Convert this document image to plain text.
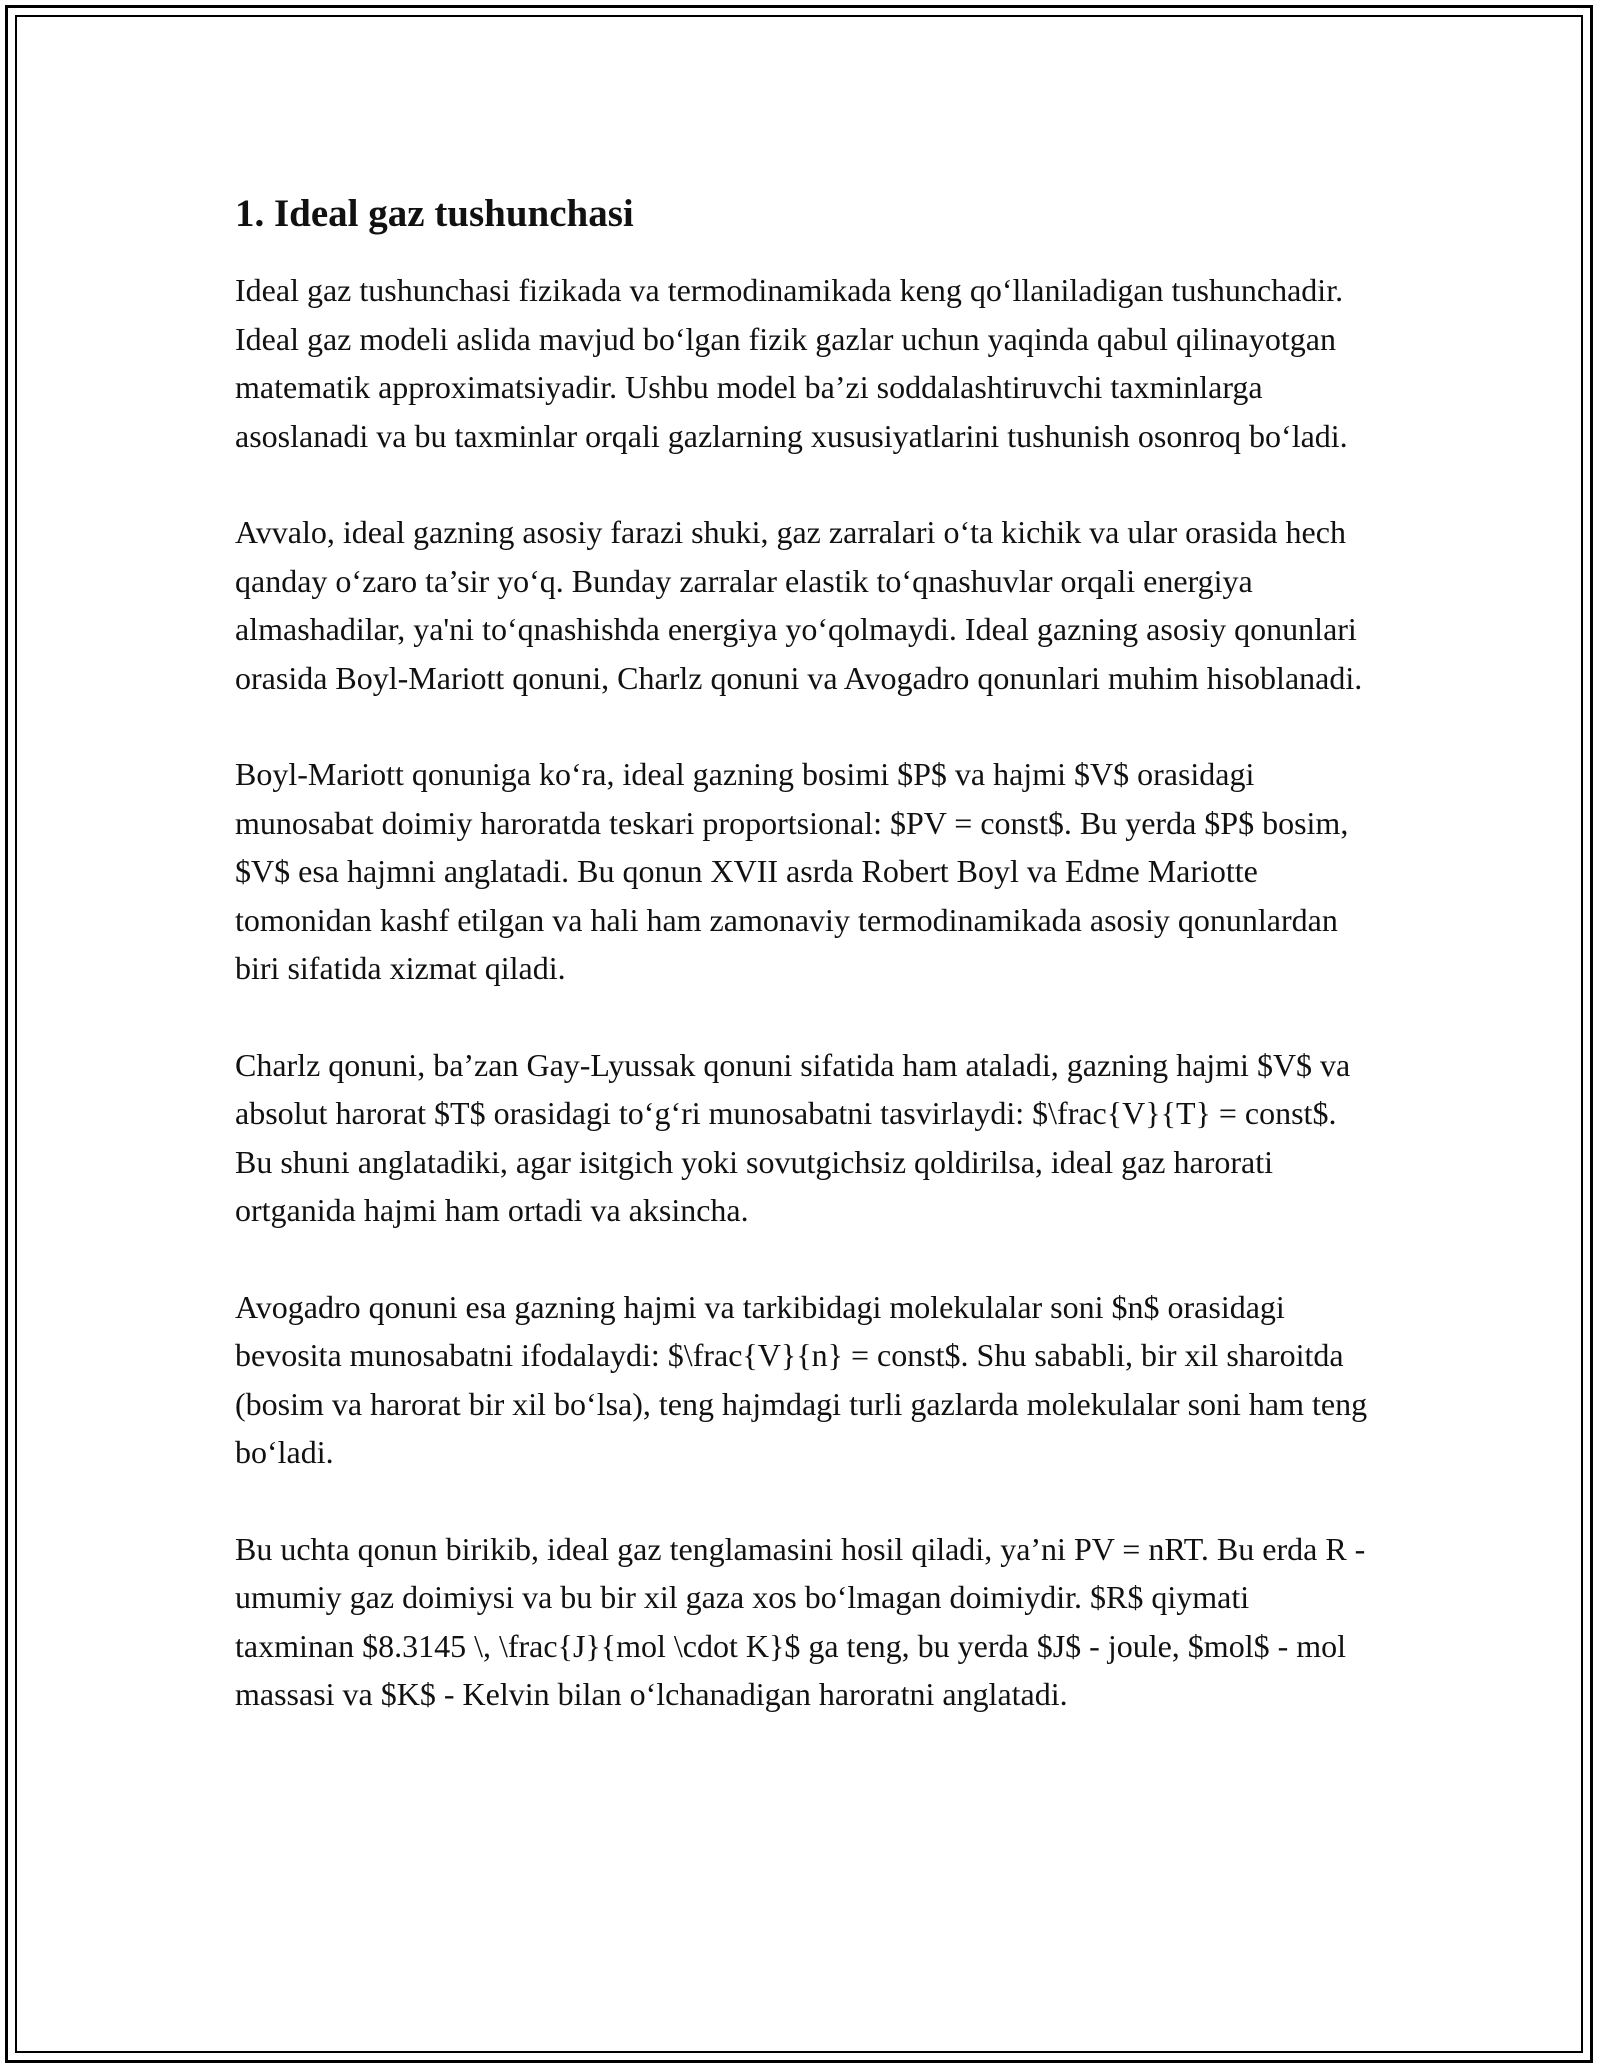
1. Ideal gaz tushunchasi

Ideal gaz tushunchasi fizikada va termodinamikada keng qo‘llaniladigan tushunchadir. Ideal gaz modeli aslida mavjud bo‘lgan fizik gazlar uchun yaqinda qabul qilinayotgan matematik approximatsiyadir. Ushbu model ba’zi soddalashtiruvchi taxminlarga asoslanadi va bu taxminlar orqali gazlarning xususiyatlarini tushunish osonroq bo‘ladi.

Avvalo, ideal gazning asosiy farazi shuki, gaz zarralari o‘ta kichik va ular orasida hech qanday o‘zaro ta’sir yo‘q. Bunday zarralar elastik to‘qnashuvlar orqali energiya almashadilar, ya'ni to‘qnashishda energiya yo‘qolmaydi. Ideal gazning asosiy qonunlari orasida Boyl-Mariott qonuni, Charlz qonuni va Avogadro qonunlari muhim hisoblanadi.

Boyl-Mariott qonuniga ko‘ra, ideal gazning bosimi $P$ va hajmi $V$ orasidagi munosabat doimiy haroratda teskari proportsional: $PV = const$. Bu yerda $P$ bosim, $V$ esa hajmni anglatadi. Bu qonun XVII asrda Robert Boyl va Edme Mariotte tomonidan kashf etilgan va hali ham zamonaviy termodinamikada asosiy qonunlardan biri sifatida xizmat qiladi.

Charlz qonuni, ba’zan Gay-Lyussak qonuni sifatida ham ataladi, gazning hajmi $V$ va absolut harorat $T$ orasidagi to‘g‘ri munosabatni tasvirlaydi: $\frac{V}{T} = const$. Bu shuni anglatadiki, agar isitgich yoki sovutgichsiz qoldirilsa, ideal gaz harorati ortganida hajmi ham ortadi va aksincha.

Avogadro qonuni esa gazning hajmi va tarkibidagi molekulalar soni $n$ orasidagi bevosita munosabatni ifodalaydi: $\frac{V}{n} = const$. Shu sababli, bir xil sharoitda (bosim va harorat bir xil bo‘lsa), teng hajmdagi turli gazlarda molekulalar soni ham teng bo‘ladi.

Bu uchta qonun birikib, ideal gaz tenglamasini hosil qiladi, ya’ni PV = nRT. Bu erda R - umumiy gaz doimiysi va bu bir xil gaza xos bo‘lmagan doimiydir. $R$ qiymati taxminan $8.3145 \, \frac{J}{mol \cdot K}$ ga teng, bu yerda $J$ - joule, $mol$ - mol massasi va $K$ - Kelvin bilan o‘lchanadigan haroratni anglatadi.
